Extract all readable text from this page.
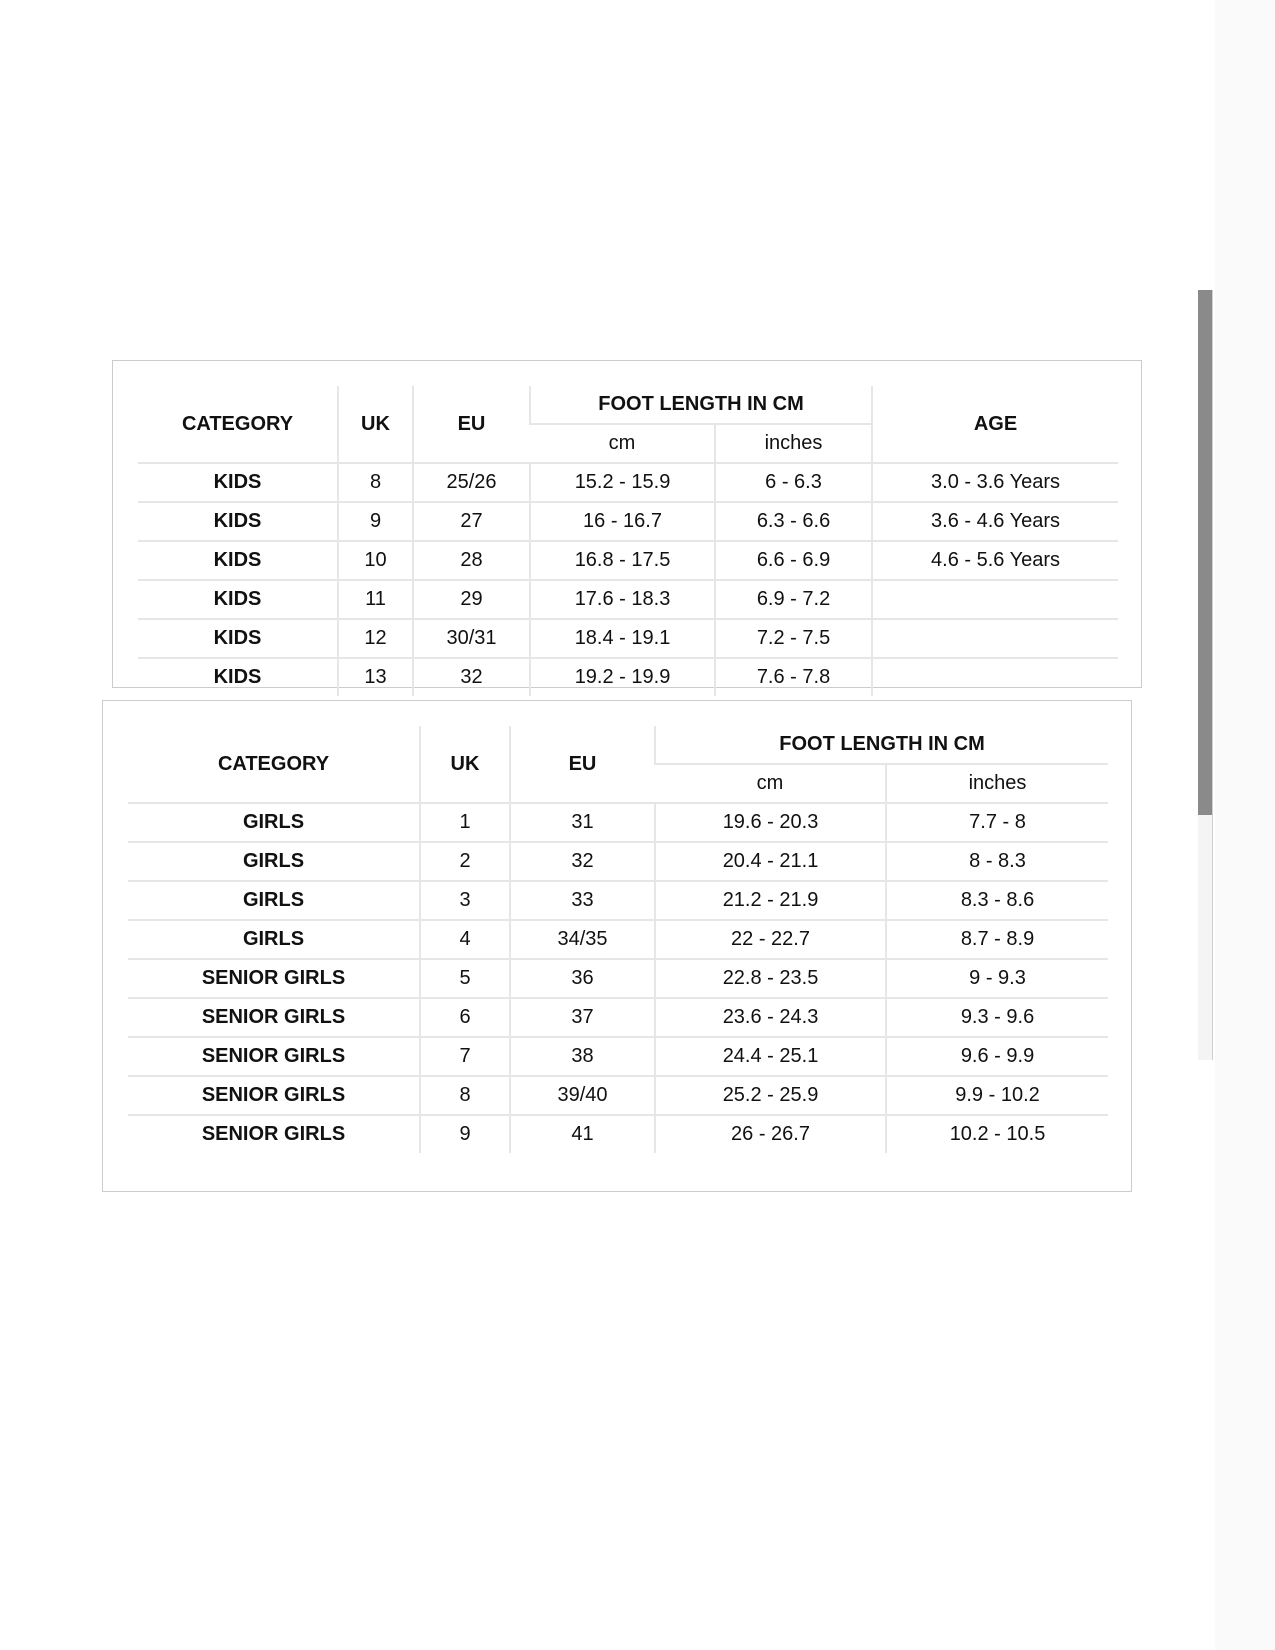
CATEGORY	UK	EU	FOOT LENGTH IN CM		AGE
			cm	inches	
KIDS	8	25/26	15.2 - 15.9	6 - 6.3	3.0 - 3.6 Years
KIDS	9	27	16 - 16.7	6.3 - 6.6	3.6 - 4.6 Years
KIDS	10	28	16.8 - 17.5	6.6 - 6.9	4.6 - 5.6 Years
KIDS	11	29	17.6 - 18.3	6.9 - 7.2	
KIDS	12	30/31	18.4 - 19.1	7.2 - 7.5	
KIDS	13	32	19.2 - 19.9	7.6 - 7.8	
CATEGORY	UK	EU	FOOT LENGTH IN CM	
			cm	inches
GIRLS	1	31	19.6 - 20.3	7.7 - 8
GIRLS	2	32	20.4 - 21.1	8 - 8.3
GIRLS	3	33	21.2 - 21.9	8.3 - 8.6
GIRLS	4	34/35	22 - 22.7	8.7 - 8.9
SENIOR GIRLS	5	36	22.8 - 23.5	9 - 9.3
SENIOR GIRLS	6	37	23.6 - 24.3	9.3 - 9.6
SENIOR GIRLS	7	38	24.4 - 25.1	9.6 - 9.9
SENIOR GIRLS	8	39/40	25.2 - 25.9	9.9 - 10.2
SENIOR GIRLS	9	41	26 - 26.7	10.2 - 10.5
